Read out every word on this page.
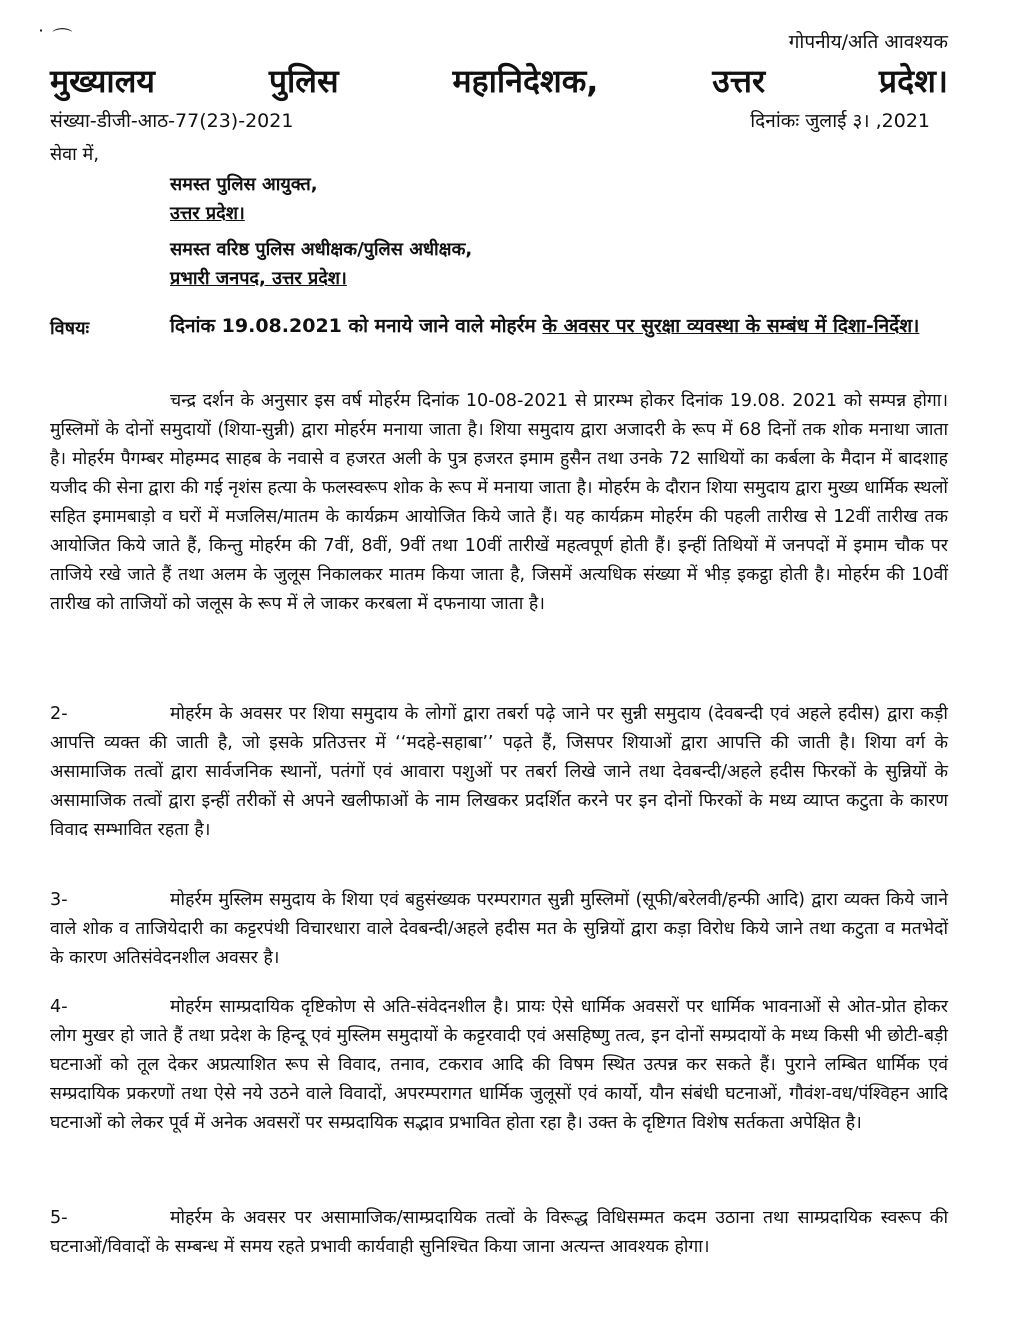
˙ ⌒	गोपनीय/अति आवश्यक
मुख्यालय	पुलिस	महानिदेशक,	उत्तर	प्रदेश।
संख्या-डीजी-आठ-77(23)-2021	दिनांकः जुलाई ३। ,2021
सेवा में,
समस्त पुलिस आयुक्त,
उत्तर प्रदेश।
समस्त वरिष्ठ पुलिस अधीक्षक/पुलिस अधीक्षक,
प्रभारी जनपद, उत्तर प्रदेश।
विषयः	दिनांक 19.08.2021 को मनाये जाने वाले मोहर्रम के अवसर पर सुरक्षा व्यवस्था के सम्बंध में दिशा-निर्देश।
चन्द्र दर्शन के अनुसार इस वर्ष मोहर्रम दिनांक 10-08-2021 से प्रारम्भ होकर दिनांक 19.08. 2021 को सम्पन्न होगा। मुस्लिमों के दोनों समुदायों (शिया-सुन्नी) द्वारा मोहर्रम मनाया जाता है। शिया समुदाय द्वारा अजादरी के रूप में 68 दिनों तक शोक मनाथा जाता है। मोहर्रम पैगम्बर मोहम्मद साहब के नवासे व हजरत अली के पुत्र हजरत इमाम हुसैन तथा उनके 72 साथियों का कर्बला के मैदान में बादशाह यजीद की सेना द्वारा की गई नृशंस हत्या के फलस्वरूप शोक के रूप में मनाया जाता है। मोहर्रम के दौरान शिया समुदाय द्वारा मुख्य धार्मिक स्थलों सहित इमामबाड़ो व घरों में मजलिस/मातम के कार्यक्रम आयोजित किये जाते हैं। यह कार्यक्रम मोहर्रम की पहली तारीख से 12वीं तारीख तक आयोजित किये जाते हैं, किन्तु मोहर्रम की 7वीं, 8वीं, 9वीं तथा 10वीं तारीखें महत्वपूर्ण होती हैं। इन्हीं तिथियों में जनपदों में इमाम चौक पर ताजिये रखे जाते हैं तथा अलम के जुलूस निकालकर मातम किया जाता है, जिसमें अत्यधिक संख्या में भीड़ इकट्ठा होती है। मोहर्रम की 10वीं तारीख को ताजियों को जलूस के रूप में ले जाकर करबला में दफनाया जाता है।
2-	मोहर्रम के अवसर पर शिया समुदाय के लोगों द्वारा तबर्रा पढ़े जाने पर सुन्नी समुदाय (देवबन्दी एवं अहले हदीस) द्वारा कड़ी आपत्ति व्यक्त की जाती है, जो इसके प्रतिउत्तर में ‘‘मदहे-सहाबा’’ पढ़ते हैं, जिसपर शियाओं द्वारा आपत्ति की जाती है। शिया वर्ग के असामाजिक तत्वों द्वारा सार्वजनिक स्थानों, पतंगों एवं आवारा पशुओं पर तबर्रा लिखे जाने तथा देवबन्दी/अहले हदीस फिरकों के सुन्नियों के असामाजिक तत्वों द्वारा इन्हीं तरीकों से अपने खलीफाओं के नाम लिखकर प्रदर्शित करने पर इन दोनों फिरकों के मध्य व्याप्त कटुता के कारण विवाद सम्भावित रहता है।
3-	मोहर्रम मुस्लिम समुदाय के शिया एवं बहुसंख्यक परम्परागत सुन्नी मुस्लिमों (सूफी/बरेलवी/हन्फी आदि) द्वारा व्यक्त किये जाने वाले शोक व ताजियेदारी का कट्टरपंथी विचारधारा वाले देवबन्दी/अहले हदीस मत के सुन्नियों द्वारा कड़ा विरोध किये जाने तथा कटुता व मतभेदों के कारण अतिसंवेदनशील अवसर है।
4-	मोहर्रम साम्प्रदायिक दृष्टिकोण से अति-संवेदनशील है। प्रायः ऐसे धार्मिक अवसरों पर धार्मिक भावनाओं से ओत-प्रोत होकर लोग मुखर हो जाते हैं तथा प्रदेश के हिन्दू एवं मुस्लिम समुदायों के कट्टरवादी एवं असहिष्णु तत्व, इन दोनों सम्प्रदायों के मध्य किसी भी छोटी-बड़ी घटनाओं को तूल देकर अप्रत्याशित रूप से विवाद, तनाव, टकराव आदि की विषम स्थित उत्पन्न कर सकते हैं। पुराने लम्बित धार्मिक एवं सम्प्रदायिक प्रकरणों तथा ऐसे नये उठने वाले विवादों, अपरम्परागत धार्मिक जुलूसों एवं कार्यो, यौन संबंधी घटनाओं, गौवंश-वध/पंश्विहन आदि घटनाओं को लेकर पूर्व में अनेक अवसरों पर सम्प्रदायिक सद्भाव प्रभावित होता रहा है। उक्त के दृष्टिगत विशेष सर्तकता अपेक्षित है।
5-	मोहर्रम के अवसर पर असामाजिक/साम्प्रदायिक तत्वों के विरूद्ध विधिसम्मत कदम उठाना तथा साम्प्रदायिक स्वरूप की घटनाओं/विवादों के सम्बन्ध में समय रहते प्रभावी कार्यवाही सुनिश्चित किया जाना अत्यन्त आवश्यक होगा।
